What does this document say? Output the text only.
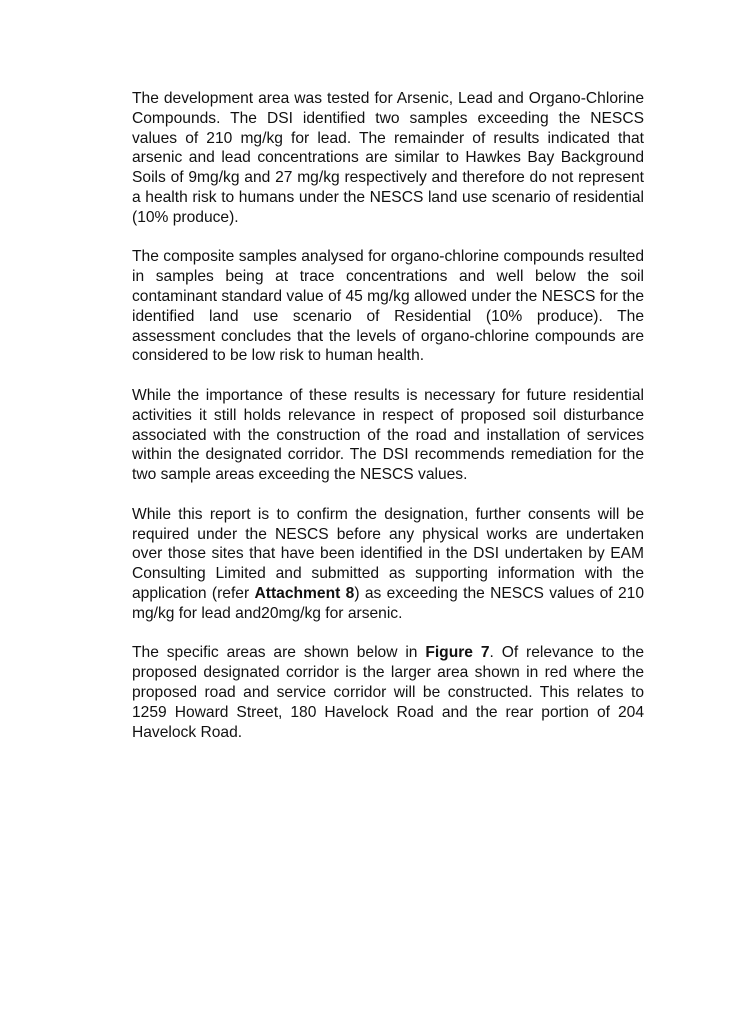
The development area was tested for Arsenic, Lead and Organo-Chlorine Compounds. The DSI identified two samples exceeding the NESCS values of 210 mg/kg for lead. The remainder of results indicated that arsenic and lead concentrations are similar to Hawkes Bay Background Soils of 9mg/kg and 27 mg/kg respectively and therefore do not represent a health risk to humans under the NESCS land use scenario of residential (10% produce).

The composite samples analysed for organo-chlorine compounds resulted in samples being at trace concentrations and well below the soil contaminant standard value of 45 mg/kg allowed under the NESCS for the identified land use scenario of Residential (10% produce). The assessment concludes that the levels of organo-chlorine compounds are considered to be low risk to human health.

While the importance of these results is necessary for future residential activities it still holds relevance in respect of proposed soil disturbance associated with the construction of the road and installation of services within the designated corridor. The DSI recommends remediation for the two sample areas exceeding the NESCS values.

While this report is to confirm the designation, further consents will be required under the NESCS before any physical works are undertaken over those sites that have been identified in the DSI undertaken by EAM Consulting Limited and submitted as supporting information with the application (refer Attachment 8) as exceeding the NESCS values of 210 mg/kg for lead and20mg/kg for arsenic.

The specific areas are shown below in Figure 7. Of relevance to the proposed designated corridor is the larger area shown in red where the proposed road and service corridor will be constructed. This relates to 1259 Howard Street, 180 Havelock Road and the rear portion of 204 Havelock Road.
